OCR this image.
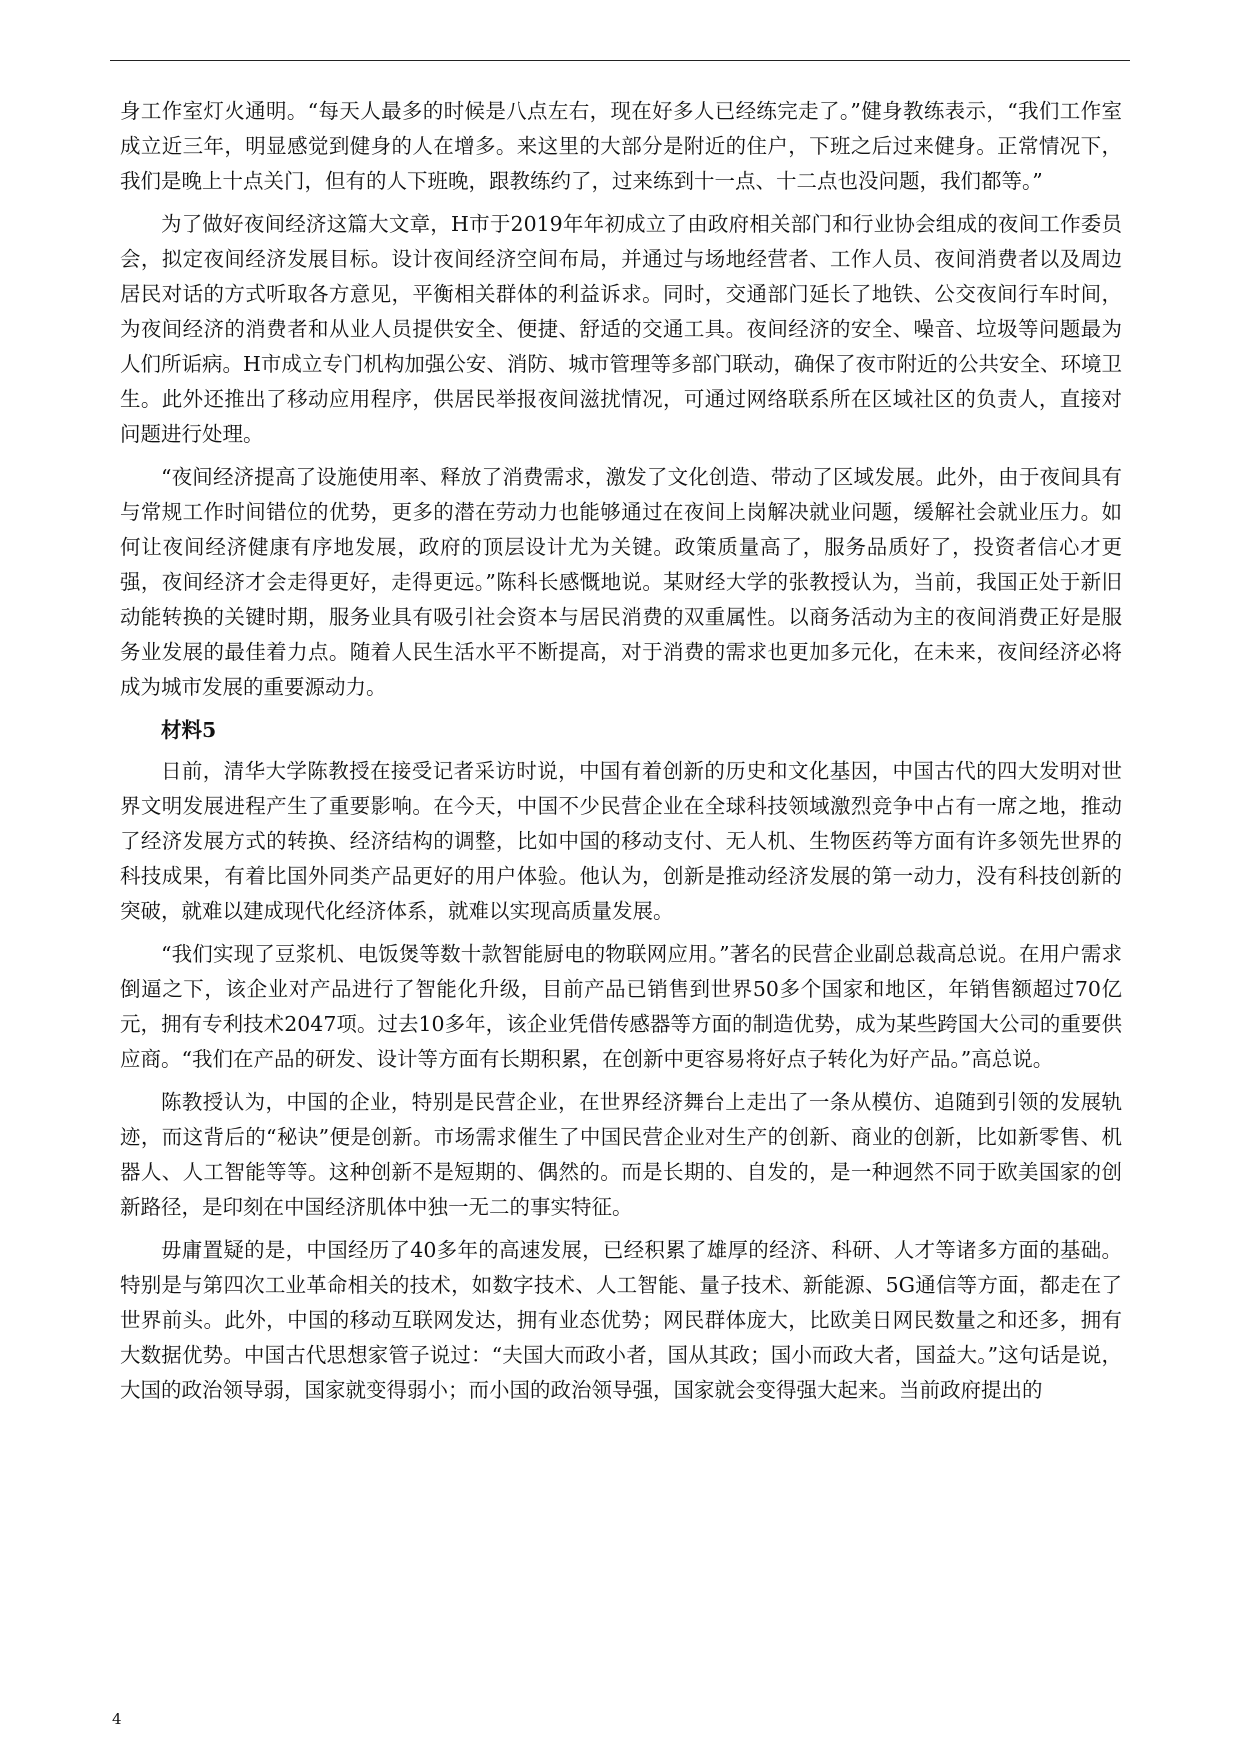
身工作室灯火通明。“每天人最多的时候是八点左右，现在好多人已经练完走了。”健身教练表示，“我们工作室成立近三年，明显感觉到健身的人在增多。来这里的大部分是附近的住户，下班之后过来健身。正常情况下，我们是晚上十点关门，但有的人下班晚，跟教练约了，过来练到十一点、十二点也没问题，我们都等。”

为了做好夜间经济这篇大文章，H市于2019年年初成立了由政府相关部门和行业协会组成的夜间工作委员会，拟定夜间经济发展目标。设计夜间经济空间布局，并通过与场地经营者、工作人员、夜间消费者以及周边居民对话的方式听取各方意见，平衡相关群体的利益诉求。同时，交通部门延长了地铁、公交夜间行车时间，为夜间经济的消费者和从业人员提供安全、便捷、舒适的交通工具。夜间经济的安全、噪音、垃圾等问题最为人们所诟病。H市成立专门机构加强公安、消防、城市管理等多部门联动，确保了夜市附近的公共安全、环境卫生。此外还推出了移动应用程序，供居民举报夜间滋扰情况，可通过网络联系所在区域社区的负责人，直接对问题进行处理。

“夜间经济提高了设施使用率、释放了消费需求，激发了文化创造、带动了区域发展。此外，由于夜间具有与常规工作时间错位的优势，更多的潜在劳动力也能够通过在夜间上岗解决就业问题，缓解社会就业压力。如何让夜间经济健康有序地发展，政府的顶层设计尤为关键。政策质量高了，服务品质好了，投资者信心才更强，夜间经济才会走得更好，走得更远。”陈科长感慨地说。某财经大学的张教授认为，当前，我国正处于新旧动能转换的关键时期，服务业具有吸引社会资本与居民消费的双重属性。以商务活动为主的夜间消费正好是服务业发展的最佳着力点。随着人民生活水平不断提高，对于消费的需求也更加多元化，在未来，夜间经济必将成为城市发展的重要源动力。

材料5

日前，清华大学陈教授在接受记者采访时说，中国有着创新的历史和文化基因，中国古代的四大发明对世界文明发展进程产生了重要影响。在今天，中国不少民营企业在全球科技领域激烈竞争中占有一席之地，推动了经济发展方式的转换、经济结构的调整，比如中国的移动支付、无人机、生物医药等方面有许多领先世界的科技成果，有着比国外同类产品更好的用户体验。他认为，创新是推动经济发展的第一动力，没有科技创新的突破，就难以建成现代化经济体系，就难以实现高质量发展。

“我们实现了豆浆机、电饭煲等数十款智能厨电的物联网应用。”著名的民营企业副总裁高总说。在用户需求倒逼之下，该企业对产品进行了智能化升级，目前产品已销售到世界50多个国家和地区，年销售额超过70亿元，拥有专利技术2047项。过去10多年，该企业凭借传感器等方面的制造优势，成为某些跨国大公司的重要供应商。“我们在产品的研发、设计等方面有长期积累，在创新中更容易将好点子转化为好产品。”高总说。

陈教授认为，中国的企业，特别是民营企业，在世界经济舞台上走出了一条从模仿、追随到引领的发展轨迹，而这背后的“秘诀”便是创新。市场需求催生了中国民营企业对生产的创新、商业的创新，比如新零售、机器人、人工智能等等。这种创新不是短期的、偶然的。而是长期的、自发的，是一种迥然不同于欧美国家的创新路径，是印刻在中国经济肌体中独一无二的事实特征。

毋庸置疑的是，中国经历了40多年的高速发展，已经积累了雄厚的经济、科研、人才等诸多方面的基础。特别是与第四次工业革命相关的技术，如数字技术、人工智能、量子技术、新能源、5G通信等方面，都走在了世界前头。此外，中国的移动互联网发达，拥有业态优势；网民群体庞大，比欧美日网民数量之和还多，拥有大数据优势。中国古代思想家管子说过：“夫国大而政小者，国从其政；国小而政大者，国益大。”这句话是说，大国的政治领导弱，国家就变得弱小；而小国的政治领导强，国家就会变得强大起来。当前政府提出的

4
